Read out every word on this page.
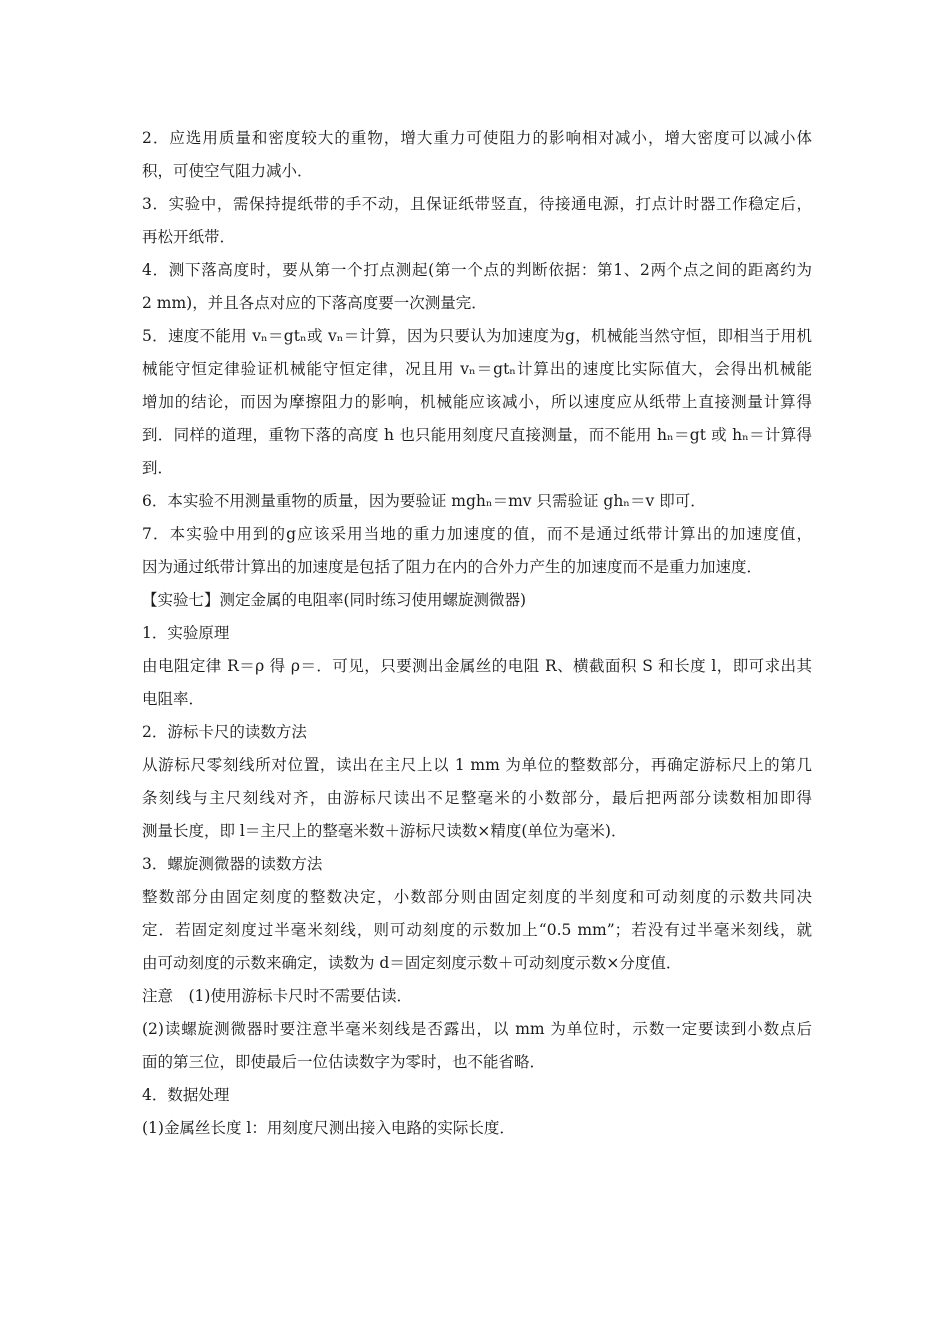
2．应选用质量和密度较大的重物，增大重力可使阻力的影响相对减小，增大密度可以减小体
积，可使空气阻力减小．
3．实验中，需保持提纸带的手不动，且保证纸带竖直，待接通电源，打点计时器工作稳定后，
再松开纸带．
4．测下落高度时，要从第一个打点测起(第一个点的判断依据：第1、2两个点之间的距离约为
2 mm)，并且各点对应的下落高度要一次测量完．
5．速度不能用 vₙ＝gtₙ或 vₙ＝计算，因为只要认为加速度为g，机械能当然守恒，即相当于用机
械能守恒定律验证机械能守恒定律，况且用 vₙ＝gtₙ计算出的速度比实际值大，会得出机械能
增加的结论，而因为摩擦阻力的影响，机械能应该减小，所以速度应从纸带上直接测量计算得
到．同样的道理，重物下落的高度 h 也只能用刻度尺直接测量，而不能用 hₙ＝gt 或 hₙ＝计算得
到．
6．本实验不用测量重物的质量，因为要验证 mghₙ＝mv 只需验证 ghₙ＝v 即可．
7．本实验中用到的g应该采用当地的重力加速度的值，而不是通过纸带计算出的加速度值，
因为通过纸带计算出的加速度是包括了阻力在内的合外力产生的加速度而不是重力加速度．
【实验七】测定金属的电阻率(同时练习使用螺旋测微器)
1．实验原理
由电阻定律 R＝ρ 得 ρ＝．可见，只要测出金属丝的电阻 R、横截面积 S 和长度 l，即可求出其
电阻率．
2．游标卡尺的读数方法
从游标尺零刻线所对位置，读出在主尺上以 1 mm 为单位的整数部分，再确定游标尺上的第几
条刻线与主尺刻线对齐，由游标尺读出不足整毫米的小数部分，最后把两部分读数相加即得
测量长度，即 l＝主尺上的整毫米数＋游标尺读数×精度(单位为毫米)．
3．螺旋测微器的读数方法
整数部分由固定刻度的整数决定，小数部分则由固定刻度的半刻度和可动刻度的示数共同决
定．若固定刻度过半毫米刻线，则可动刻度的示数加上“0.5 mm”；若没有过半毫米刻线，就
由可动刻度的示数来确定，读数为 d＝固定刻度示数＋可动刻度示数×分度值．
注意　(1)使用游标卡尺时不需要估读．
(2)读螺旋测微器时要注意半毫米刻线是否露出，以 mm 为单位时，示数一定要读到小数点后
面的第三位，即使最后一位估读数字为零时，也不能省略．
4．数据处理
(1)金属丝长度 l：用刻度尺测出接入电路的实际长度．
